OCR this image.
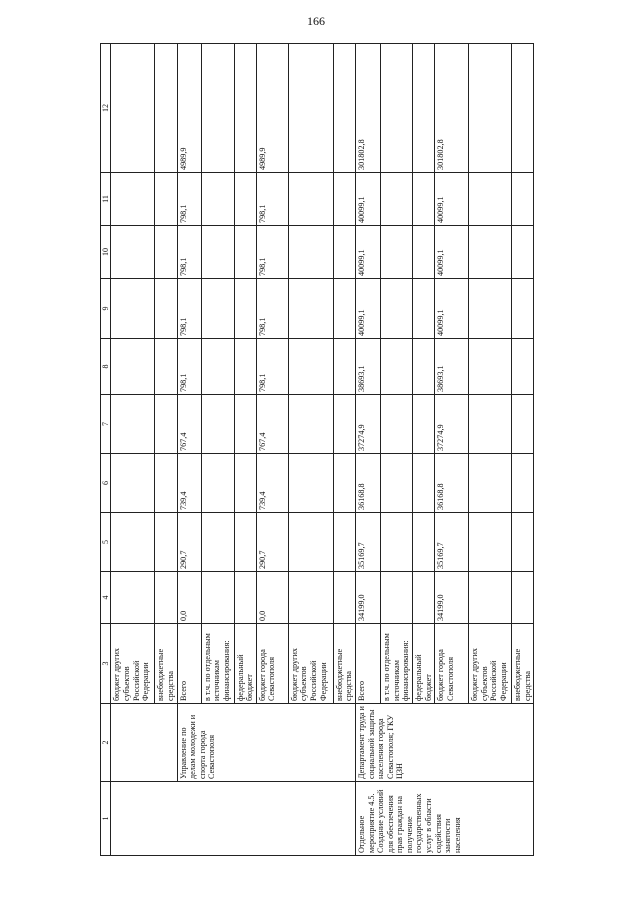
166
1	2	3	4	5	6	7	8	9	10	11	12
		бюджет других субъектов Российской Федерации									
		внебюджетные средства									
	Управление по делам молодежи и спорта города Севастополя	Всего	0,0	290,7	739,4	767,4	798,1	798,1	798,1	798,1	4989,9
		в т.ч. по отдельным источникам финансирования:									
		федеральный бюджет									
		бюджет города Севастополя	0,0	290,7	739,4	767,4	798,1	798,1	798,1	798,1	4989,9
		бюджет других субъектов Российской Федерации									
		внебюджетные средства									
Отдельное мероприятие 4.5. Создание условий для обеспечения прав граждан на получение государственных услуг в области содействия занятости населения	Департамент труда и социальной защиты населения города Севастополя; ГКУ ЦЗН	Всего	34199,0	35169,7	36168,8	37274,9	38693,1	40099,1	40099,1	40099,1	301802,8
		в т.ч. по отдельным источникам финансирования:									
		федеральный бюджет									
		бюджет города Севастополя	34199,0	35169,7	36168,8	37274,9	38693,1	40099,1	40099,1	40099,1	301802,8
		бюджет других субъектов Российской Федерации									
		внебюджетные средства									
